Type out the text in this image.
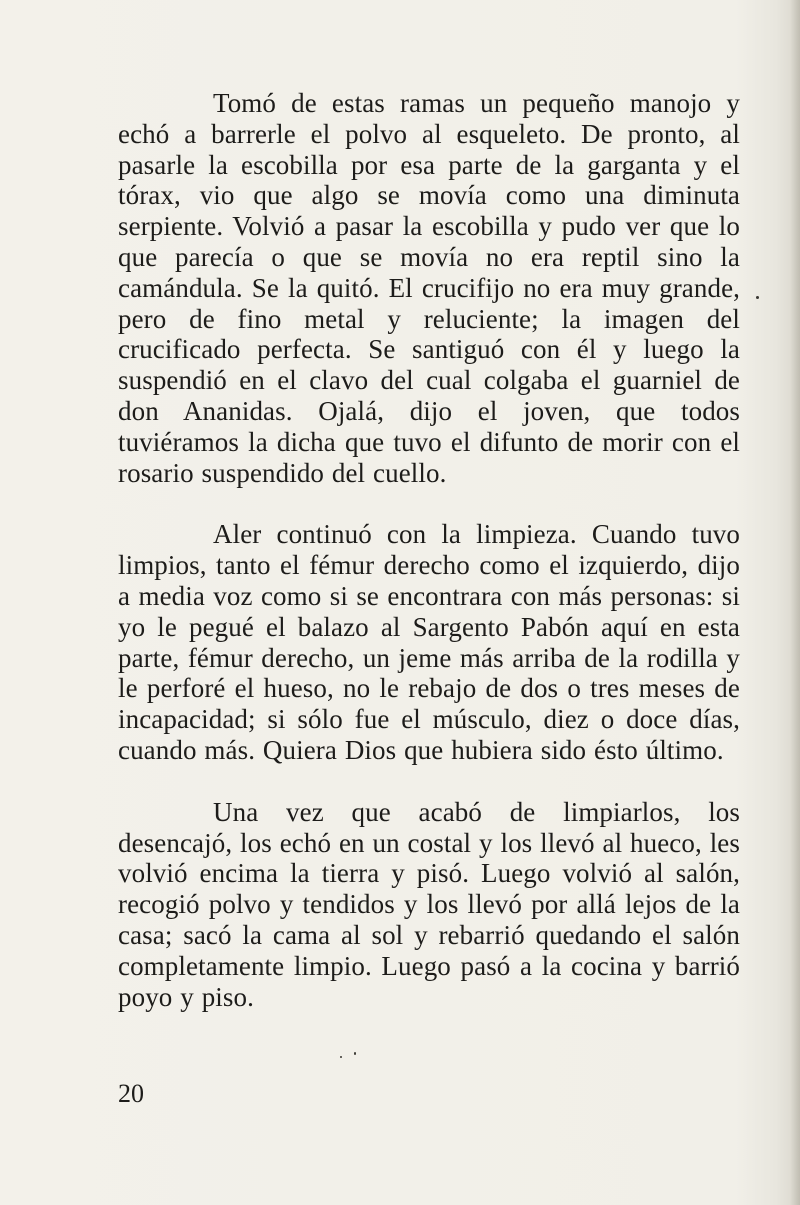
Tomó de estas ramas un pequeño manojo y echó a barrerle el polvo al esqueleto. De pronto, al pasarle la escobilla por esa parte de la garganta y el tórax, vio que algo se movía como una diminuta serpiente. Volvió a pasar la escobilla y pudo ver que lo que parecía o que se movía no era reptil sino la camándula. Se la quitó. El crucifijo no era muy grande, pero de fino metal y reluciente; la imagen del crucificado perfecta. Se santiguó con él y luego la suspendió en el clavo del cual colgaba el guarniel de don Ananidas. Ojalá, dijo el joven, que todos tuviéramos la dicha que tuvo el difunto de morir con el rosario suspendido del cuello.

Aler continuó con la limpieza. Cuando tuvo limpios, tanto el fémur derecho como el izquierdo, dijo a media voz como si se encontrara con más personas: si yo le pegué el balazo al Sargento Pabón aquí en esta parte, fémur derecho, un jeme más arriba de la rodilla y le perforé el hueso, no le rebajo de dos o tres meses de incapacidad; si sólo fue el músculo, diez o doce días, cuando más. Quiera Dios que hubiera sido ésto último.

Una vez que acabó de limpiarlos, los desencajó, los echó en un costal y los llevó al hueco, les volvió encima la tierra y pisó. Luego volvió al salón, recogió polvo y tendidos y los llevó por allá lejos de la casa; sacó la cama al sol y rebarrió quedando el salón completamente limpio. Luego pasó a la cocina y barrió poyo y piso.

20
